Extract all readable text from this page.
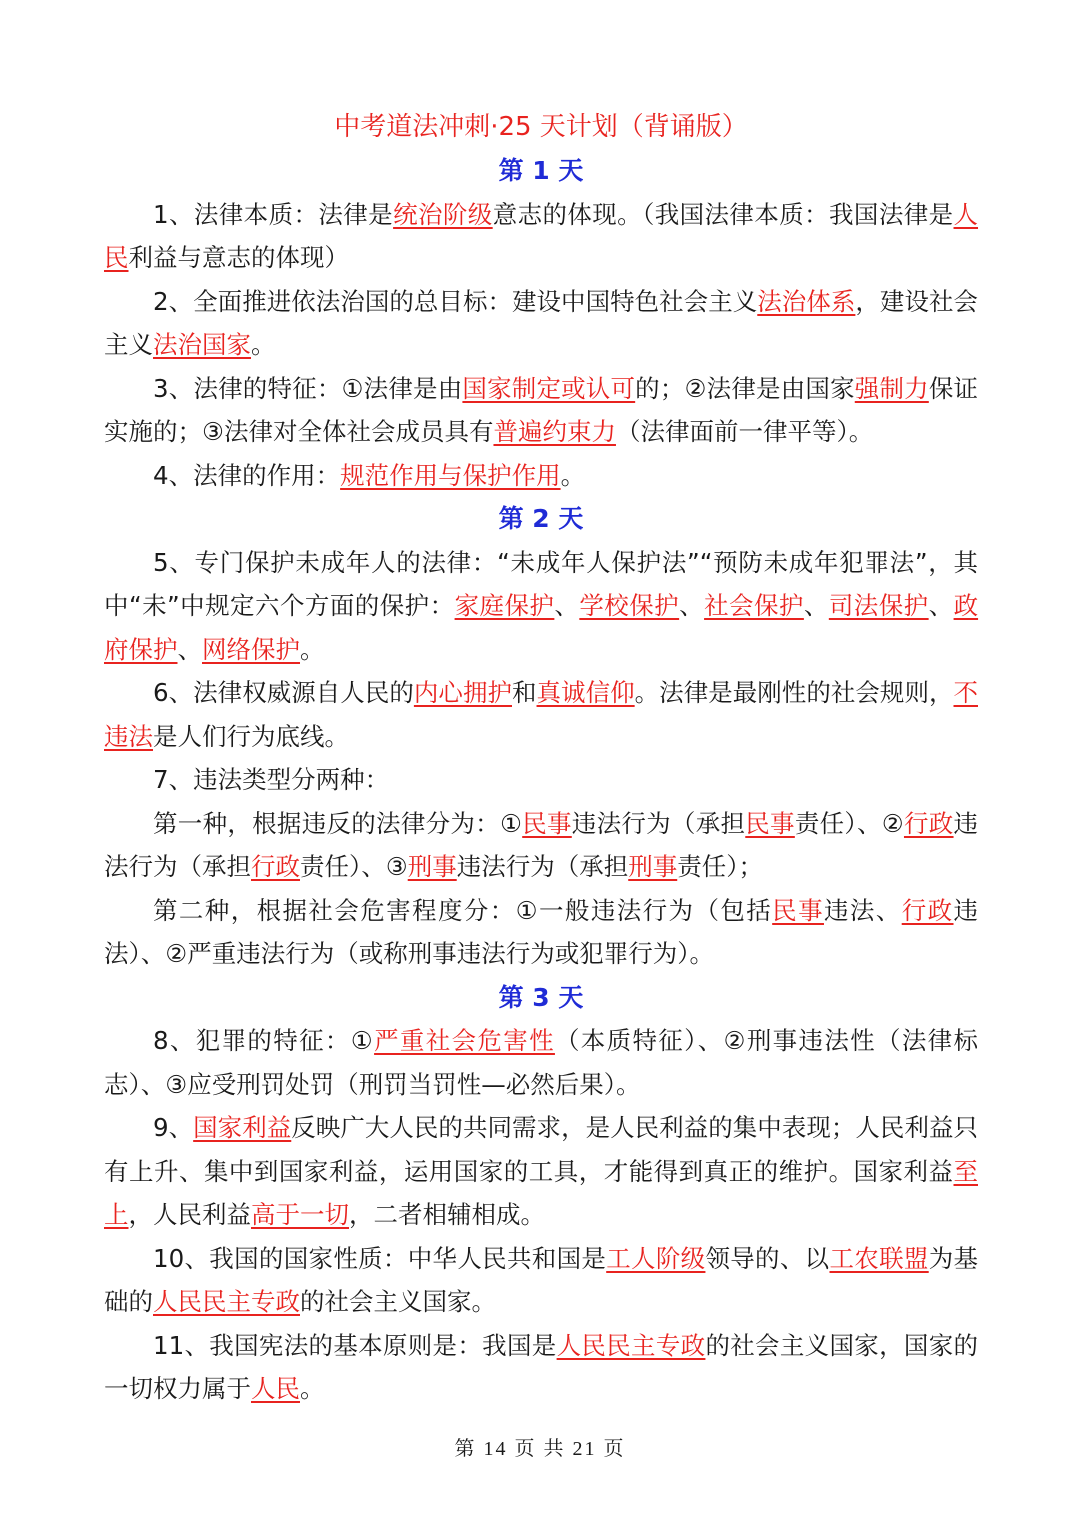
中考道法冲刺·25 天计划（背诵版）
第 1 天

1、法律本质：法律是统治阶级意志的体现。（我国法律本质：我国法律是人民利益与意志的体现）

2、全面推进依法治国的总目标：建设中国特色社会主义法治体系，建设社会主义法治国家。

3、法律的特征：①法律是由国家制定或认可的；②法律是由国家强制力保证实施的；③法律对全体社会成员具有普遍约束力（法律面前一律平等）。

4、法律的作用：规范作用与保护作用。

第 2 天

5、专门保护未成年人的法律：“未成年人保护法”“预防未成年犯罪法”，其中“未”中规定六个方面的保护：家庭保护、学校保护、社会保护、司法保护、政府保护、网络保护。

6、法律权威源自人民的内心拥护和真诚信仰。法律是最刚性的社会规则，不违法是人们行为底线。

7、违法类型分两种：

第一种，根据违反的法律分为：①民事违法行为（承担民事责任）、②行政违法行为（承担行政责任）、③刑事违法行为（承担刑事责任）；

第二种，根据社会危害程度分：①一般违法行为（包括民事违法、行政违法）、②严重违法行为（或称刑事违法行为或犯罪行为）。

第 3 天

8、犯罪的特征：①严重社会危害性（本质特征）、②刑事违法性（法律标志）、③应受刑罚处罚（刑罚当罚性—必然后果）。

9、国家利益反映广大人民的共同需求，是人民利益的集中表现；人民利益只有上升、集中到国家利益，运用国家的工具，才能得到真正的维护。国家利益至上，人民利益高于一切，二者相辅相成。

10、我国的国家性质：中华人民共和国是工人阶级领导的、以工农联盟为基础的人民民主专政的社会主义国家。

11、我国宪法的基本原则是：我国是人民民主专政的社会主义国家，国家的一切权力属于人民。

第 14 页 共 21 页
